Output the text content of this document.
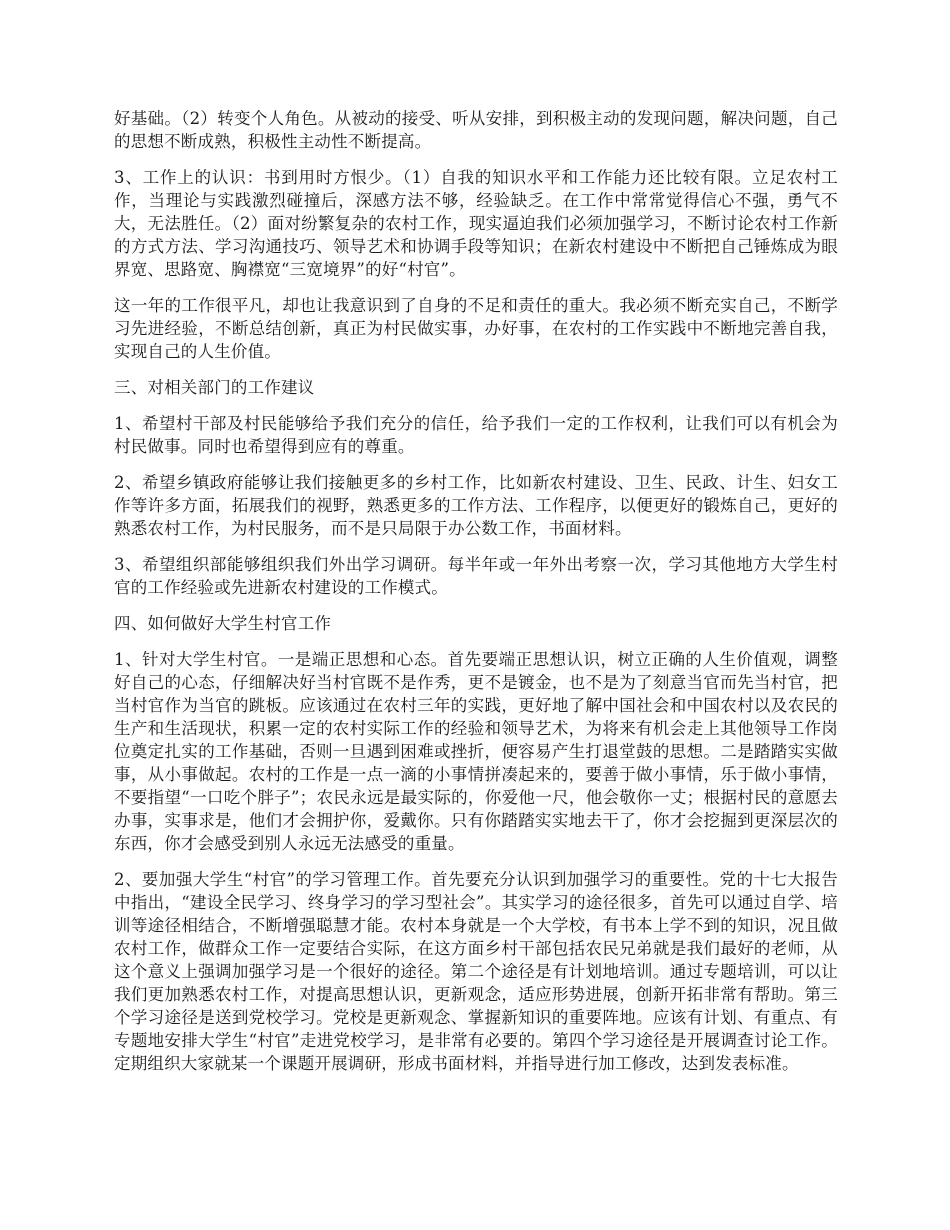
好基础。（2）转变个人角色。从被动的接受、听从安排，到积极主动的发现问题，解决问题，自己的思想不断成熟，积极性主动性不断提高。

3、工作上的认识：书到用时方恨少。（1）自我的知识水平和工作能力还比较有限。立足农村工作，当理论与实践激烈碰撞后，深感方法不够，经验缺乏。在工作中常常觉得信心不强，勇气不大，无法胜任。（2）面对纷繁复杂的农村工作，现实逼迫我们必须加强学习，不断讨论农村工作新的方式方法、学习沟通技巧、领导艺术和协调手段等知识；在新农村建设中不断把自己锤炼成为眼界宽、思路宽、胸襟宽“三宽境界”的好“村官”。

这一年的工作很平凡，却也让我意识到了自身的不足和责任的重大。我必须不断充实自己，不断学习先进经验，不断总结创新，真正为村民做实事，办好事，在农村的工作实践中不断地完善自我，实现自己的人生价值。

三、对相关部门的工作建议

1、希望村干部及村民能够给予我们充分的信任，给予我们一定的工作权利，让我们可以有机会为村民做事。同时也希望得到应有的尊重。

2、希望乡镇政府能够让我们接触更多的乡村工作，比如新农村建设、卫生、民政、计生、妇女工作等许多方面，拓展我们的视野，熟悉更多的工作方法、工作程序，以便更好的锻炼自己，更好的熟悉农村工作，为村民服务，而不是只局限于办公数工作，书面材料。

3、希望组织部能够组织我们外出学习调研。每半年或一年外出考察一次，学习其他地方大学生村官的工作经验或先进新农村建设的工作模式。

四、如何做好大学生村官工作

1、针对大学生村官。一是端正思想和心态。首先要端正思想认识，树立正确的人生价值观，调整好自己的心态，仔细解决好当村官既不是作秀，更不是镀金，也不是为了刻意当官而先当村官，把当村官作为当官的跳板。应该通过在农村三年的实践，更好地了解中国社会和中国农村以及农民的生产和生活现状，积累一定的农村实际工作的经验和领导艺术，为将来有机会走上其他领导工作岗位奠定扎实的工作基础，否则一旦遇到困难或挫折，便容易产生打退堂鼓的思想。二是踏踏实实做事，从小事做起。农村的工作是一点一滴的小事情拼凑起来的，要善于做小事情，乐于做小事情，不要指望“一口吃个胖子”；农民永远是最实际的，你爱他一尺，他会敬你一丈；根据村民的意愿去办事，实事求是，他们才会拥护你，爱戴你。只有你踏踏实实地去干了，你才会挖掘到更深层次的东西，你才会感受到别人永远无法感受的重量。

2、要加强大学生“村官”的学习管理工作。首先要充分认识到加强学习的重要性。党的十七大报告中指出，“建设全民学习、终身学习的学习型社会”。其实学习的途径很多，首先可以通过自学、培训等途径相结合，不断增强聪慧才能。农村本身就是一个大学校，有书本上学不到的知识，况且做农村工作，做群众工作一定要结合实际，在这方面乡村干部包括农民兄弟就是我们最好的老师，从这个意义上强调加强学习是一个很好的途径。第二个途径是有计划地培训。通过专题培训，可以让我们更加熟悉农村工作，对提高思想认识，更新观念，适应形势进展，创新开拓非常有帮助。第三个学习途径是送到党校学习。党校是更新观念、掌握新知识的重要阵地。应该有计划、有重点、有专题地安排大学生“村官”走进党校学习，是非常有必要的。第四个学习途径是开展调查讨论工作。定期组织大家就某一个课题开展调研，形成书面材料，并指导进行加工修改，达到发表标准。
